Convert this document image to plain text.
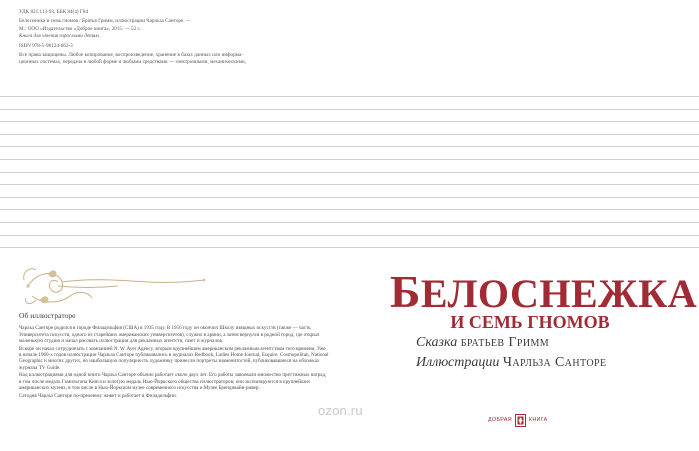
УДК 821.113-93, ББК 84(4) Г84

Белоснежка и семь гномов / Братья Гримм, иллюстрации Чарльза Санторе. —

М.: ООО «Издательство «Доброе книга», 2015. — 52 с.

Книга для чтения взрослыми детям.

ISBN 978-5-98124-662-3

Все права защищены. Любое копирование, воспроизведение, хранение в базах данных или информа-

ционных системах, передача в любой форме и любыми средствами — электронными, механическими,

Об иллюстраторе

Чарльз Санторе родился в городе Филадельфия (США) в 1935 году. В 1956 году он окончил Школу изящных искусств (также — часть Университета искусств, одного из старейших американских университетов), служил в армии, а затем вернулся в родной город, где открыл маленькую студию и начал рисовать иллюстрации для рекламных агентств, газет и журналов.

Вскоре он начал сотрудничать с компанией N. W. Ayer Agency, вторым крупнейшим американским рекламным агентством того времени. Уже в начале 1960-х годов иллюстрации Чарльза Санторе публиковались в журналах Redbook, Ladies Home Journal, Esquire, Cosmopolitan, National Geographic и многих других, но наибольшую популярность художнику принесли портреты знаменитостей, публиковавшиеся на обложках журнала TV Guide.

Над иллюстрациями для одной книги Чарльз Санторе обычно работает около двух лет. Его работы завоевали множество престижных наград, в том числе медаль Гамильтона Кинга и золотую медаль Нью-Йоркского общества иллюстраторов; они экспонируются в крупнейших американских музеях, в том числе в Нью-Йоркском музее современного искусства и Музее Брендивайн-ривер.

Сегодня Чарльз Санторе по-прежнему живет и работает в Филадельфии.

БЕЛОСНЕЖКА
И СЕМЬ ГНОМОВ
Сказка братьев Гримм
Иллюстрации Чарльза Санторе
ДОБРАЯ	КНИГА
ozon.ru
